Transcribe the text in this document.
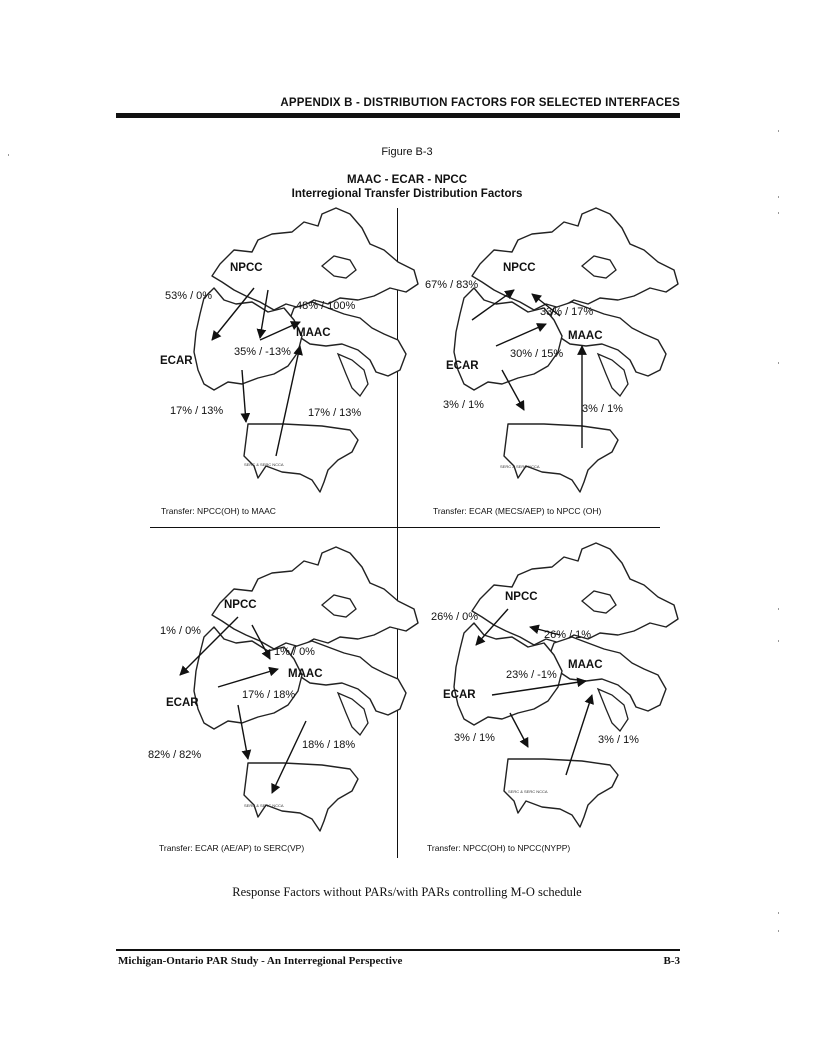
APPENDIX B - DISTRIBUTION FACTORS FOR SELECTED INTERFACES
Figure B-3
MAAC - ECAR - NPCC
Interregional Transfer Distribution Factors
NPCC
MAAC
ECAR
SERC & SERC NCCA
53% / 0%
48% / 100%
35% / -13%
17% / 13%	17% / 13%
Transfer: NPCC(OH) to MAAC
NPCC
MAAC
ECAR
SERC & SERC NCCA
67% / 83%
33% / 17%
30% / 15%
3% / 1%	3% / 1%
Transfer: ECAR (MECS/AEP) to NPCC (OH)
NPCC
MAAC
ECAR
SERC & SERC NCCA
1% / 0%
1% / 0%
17% / 18%
82% / 82%
18% / 18%
Transfer: ECAR (AE/AP) to SERC(VP)
NPCC
MAAC
ECAR
SERC & SERC NCCA
26% / 0%
26% / 1%
23% / -1%
3% / 1%	3% / 1%
Transfer: NPCC(OH) to NPCC(NYPP)
Response Factors without PARs/with PARs controlling M-O schedule
Michigan-Ontario PAR Study - An Interregional Perspective	B-3
